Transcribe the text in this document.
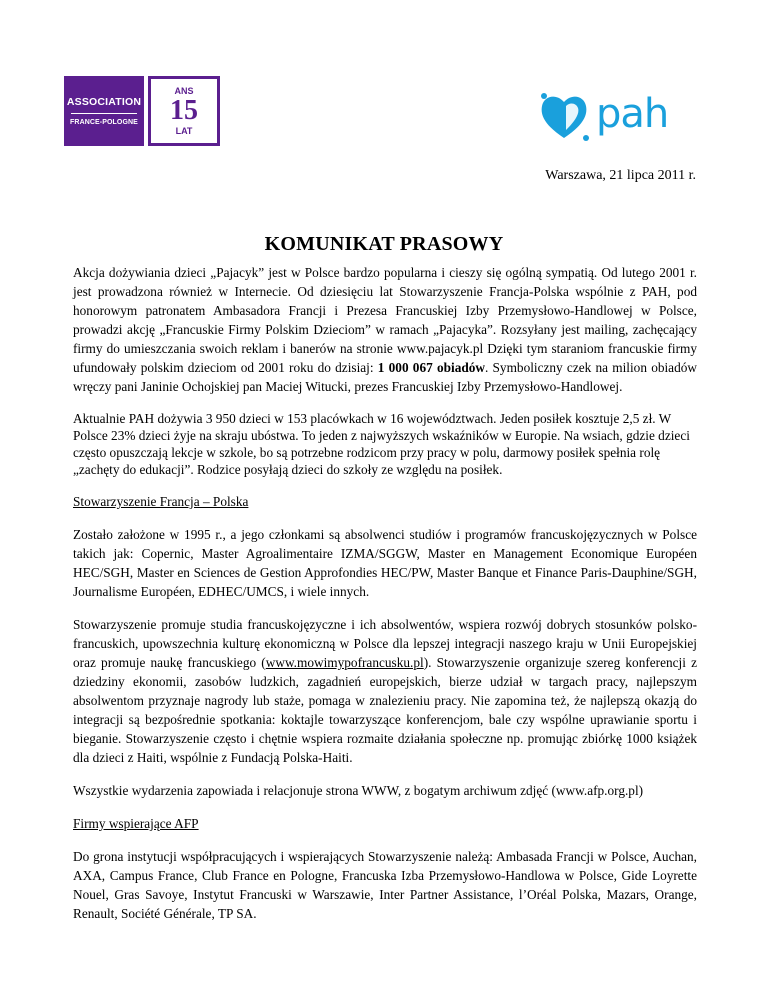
ASSOCIATION
FRANCE-POLOGNE
ANS
15
LAT	pah
Warszawa, 21 lipca 2011 r.
KOMUNIKAT PRASOWY

Akcja dożywiania dzieci „Pajacyk” jest w Polsce bardzo popularna i cieszy się ogólną sympatią. Od lutego 2001 r. jest prowadzona również w Internecie. Od dziesięciu lat Stowarzyszenie Francja-Polska wspólnie z PAH, pod honorowym patronatem Ambasadora Francji i Prezesa Francuskiej Izby Przemysłowo-Handlowej w Polsce, prowadzi akcję „Francuskie Firmy Polskim Dzieciom” w ramach „Pajacyka”. Rozsyłany jest mailing, zachęcający firmy do umieszczania swoich reklam i banerów na stronie www.pajacyk.pl Dzięki tym staraniom francuskie firmy ufundowały polskim dzieciom od 2001 roku do dzisiaj: 1 000 067 obiadów. Symboliczny czek na milion obiadów wręczy pani Janinie Ochojskiej pan Maciej Witucki, prezes Francuskiej Izby Przemysłowo-Handlowej.

Aktualnie PAH dożywia 3 950 dzieci w 153 placówkach w 16 województwach. Jeden posiłek kosztuje 2,5 zł. W Polsce 23% dzieci żyje na skraju ubóstwa. To jeden z najwyższych wskaźników w Europie. Na wsiach, gdzie dzieci często opuszczają lekcje w szkole, bo są potrzebne rodzicom przy pracy w polu, darmowy posiłek spełnia rolę „zachęty do edukacji”. Rodzice posyłają dzieci do szkoły ze względu na posiłek.

Stowarzyszenie Francja – Polska

Zostało założone w 1995 r., a jego członkami są absolwenci studiów i programów francuskojęzycznych w Polsce takich jak: Copernic, Master Agroalimentaire IZMA/SGGW, Master en Management Economique Européen HEC/SGH, Master en Sciences de Gestion Approfondies HEC/PW, Master Banque et Finance Paris-Dauphine/SGH, Journalisme Européen, EDHEC/UMCS, i wiele innych.

Stowarzyszenie promuje studia francuskojęzyczne i ich absolwentów, wspiera rozwój dobrych stosunków polsko-francuskich, upowszechnia kulturę ekonomiczną w Polsce dla lepszej integracji naszego kraju w Unii Europejskiej oraz promuje naukę francuskiego (www.mowimypofrancusku.pl). Stowarzyszenie organizuje szereg konferencji z dziedziny ekonomii, zasobów ludzkich, zagadnień europejskich, bierze udział w targach pracy, najlepszym absolwentom przyznaje nagrody lub staże, pomaga w znalezieniu pracy. Nie zapomina też, że najlepszą okazją do integracji są bezpośrednie spotkania: koktajle towarzyszące konferencjom, bale czy wspólne uprawianie sportu i bieganie. Stowarzyszenie często i chętnie wspiera rozmaite działania społeczne np. promując zbiórkę 1000 książek dla dzieci z Haiti, wspólnie z Fundacją Polska-Haiti.

Wszystkie wydarzenia zapowiada i relacjonuje strona WWW, z bogatym archiwum zdjęć (www.afp.org.pl)

Firmy wspierające AFP

Do grona instytucji współpracujących i wspierających Stowarzyszenie należą: Ambasada Francji w Polsce, Auchan, AXA, Campus France, Club France en Pologne, Francuska Izba Przemysłowo-Handlowa w Polsce, Gide Loyrette Nouel, Gras Savoye, Instytut Francuski w Warszawie, Inter Partner Assistance, l’Oréal Polska, Mazars, Orange, Renault, Société Générale, TP SA.
